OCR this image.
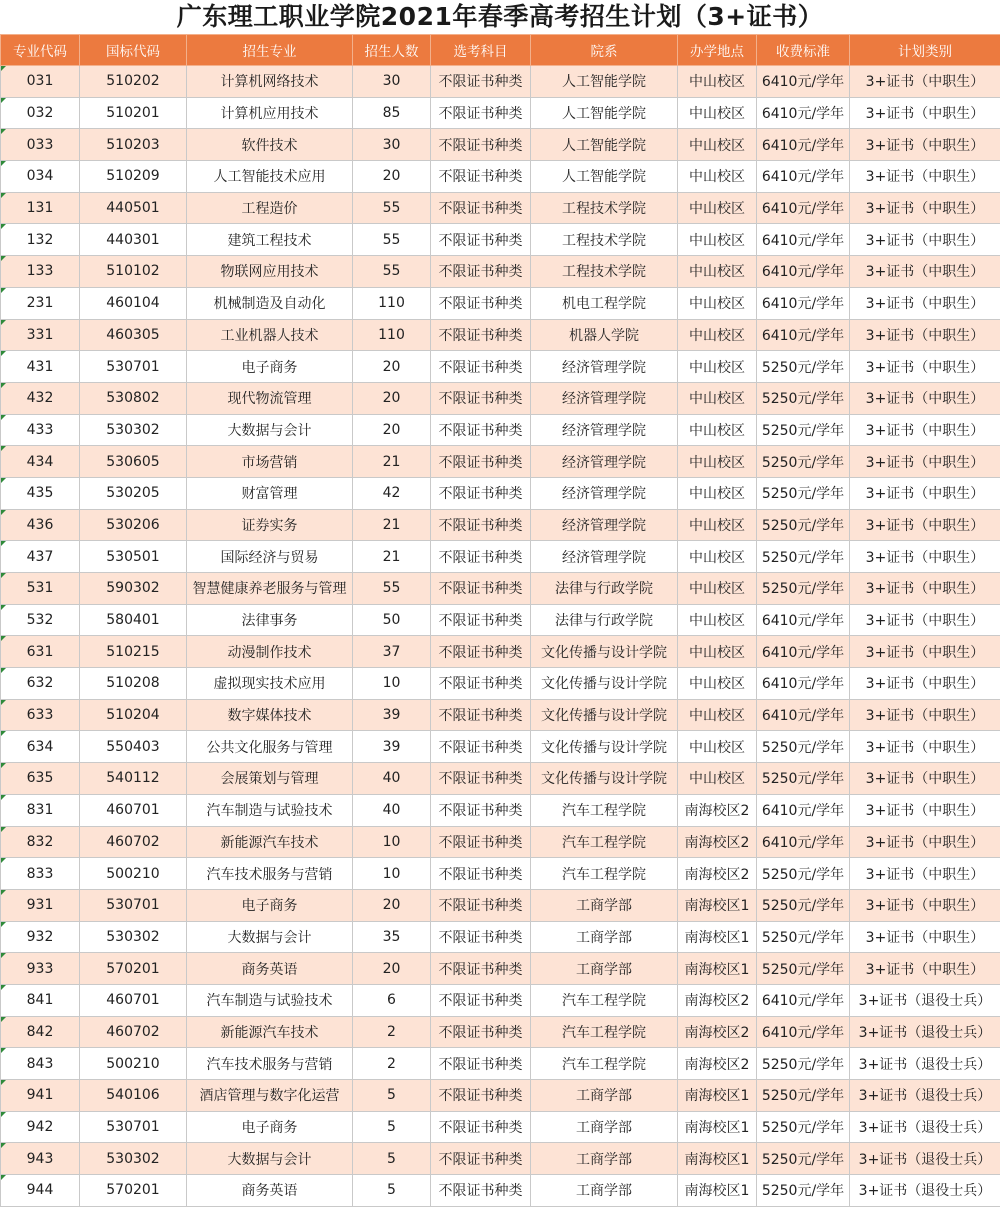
广东理工职业学院2021年春季高考招生计划（3+证书）
专业代码	国标代码	招生专业	招生人数	选考科目	院系	办学地点	收费标准	计划类别
031	510202	计算机网络技术	30	不限证书种类	人工智能学院	中山校区	6410元/学年	3+证书（中职生）
032	510201	计算机应用技术	85	不限证书种类	人工智能学院	中山校区	6410元/学年	3+证书（中职生）
033	510203	软件技术	30	不限证书种类	人工智能学院	中山校区	6410元/学年	3+证书（中职生）
034	510209	人工智能技术应用	20	不限证书种类	人工智能学院	中山校区	6410元/学年	3+证书（中职生）
131	440501	工程造价	55	不限证书种类	工程技术学院	中山校区	6410元/学年	3+证书（中职生）
132	440301	建筑工程技术	55	不限证书种类	工程技术学院	中山校区	6410元/学年	3+证书（中职生）
133	510102	物联网应用技术	55	不限证书种类	工程技术学院	中山校区	6410元/学年	3+证书（中职生）
231	460104	机械制造及自动化	110	不限证书种类	机电工程学院	中山校区	6410元/学年	3+证书（中职生）
331	460305	工业机器人技术	110	不限证书种类	机器人学院	中山校区	6410元/学年	3+证书（中职生）
431	530701	电子商务	20	不限证书种类	经济管理学院	中山校区	5250元/学年	3+证书（中职生）
432	530802	现代物流管理	20	不限证书种类	经济管理学院	中山校区	5250元/学年	3+证书（中职生）
433	530302	大数据与会计	20	不限证书种类	经济管理学院	中山校区	5250元/学年	3+证书（中职生）
434	530605	市场营销	21	不限证书种类	经济管理学院	中山校区	5250元/学年	3+证书（中职生）
435	530205	财富管理	42	不限证书种类	经济管理学院	中山校区	5250元/学年	3+证书（中职生）
436	530206	证券实务	21	不限证书种类	经济管理学院	中山校区	5250元/学年	3+证书（中职生）
437	530501	国际经济与贸易	21	不限证书种类	经济管理学院	中山校区	5250元/学年	3+证书（中职生）
531	590302	智慧健康养老服务与管理	55	不限证书种类	法律与行政学院	中山校区	5250元/学年	3+证书（中职生）
532	580401	法律事务	50	不限证书种类	法律与行政学院	中山校区	6410元/学年	3+证书（中职生）
631	510215	动漫制作技术	37	不限证书种类	文化传播与设计学院	中山校区	6410元/学年	3+证书（中职生）
632	510208	虚拟现实技术应用	10	不限证书种类	文化传播与设计学院	中山校区	6410元/学年	3+证书（中职生）
633	510204	数字媒体技术	39	不限证书种类	文化传播与设计学院	中山校区	6410元/学年	3+证书（中职生）
634	550403	公共文化服务与管理	39	不限证书种类	文化传播与设计学院	中山校区	5250元/学年	3+证书（中职生）
635	540112	会展策划与管理	40	不限证书种类	文化传播与设计学院	中山校区	5250元/学年	3+证书（中职生）
831	460701	汽车制造与试验技术	40	不限证书种类	汽车工程学院	南海校区2	6410元/学年	3+证书（中职生）
832	460702	新能源汽车技术	10	不限证书种类	汽车工程学院	南海校区2	6410元/学年	3+证书（中职生）
833	500210	汽车技术服务与营销	10	不限证书种类	汽车工程学院	南海校区2	5250元/学年	3+证书（中职生）
931	530701	电子商务	20	不限证书种类	工商学部	南海校区1	5250元/学年	3+证书（中职生）
932	530302	大数据与会计	35	不限证书种类	工商学部	南海校区1	5250元/学年	3+证书（中职生）
933	570201	商务英语	20	不限证书种类	工商学部	南海校区1	5250元/学年	3+证书（中职生）
841	460701	汽车制造与试验技术	6	不限证书种类	汽车工程学院	南海校区2	6410元/学年	3+证书（退役士兵）
842	460702	新能源汽车技术	2	不限证书种类	汽车工程学院	南海校区2	6410元/学年	3+证书（退役士兵）
843	500210	汽车技术服务与营销	2	不限证书种类	汽车工程学院	南海校区2	5250元/学年	3+证书（退役士兵）
941	540106	酒店管理与数字化运营	5	不限证书种类	工商学部	南海校区1	5250元/学年	3+证书（退役士兵）
942	530701	电子商务	5	不限证书种类	工商学部	南海校区1	5250元/学年	3+证书（退役士兵）
943	530302	大数据与会计	5	不限证书种类	工商学部	南海校区1	5250元/学年	3+证书（退役士兵）
944	570201	商务英语	5	不限证书种类	工商学部	南海校区1	5250元/学年	3+证书（退役士兵）
